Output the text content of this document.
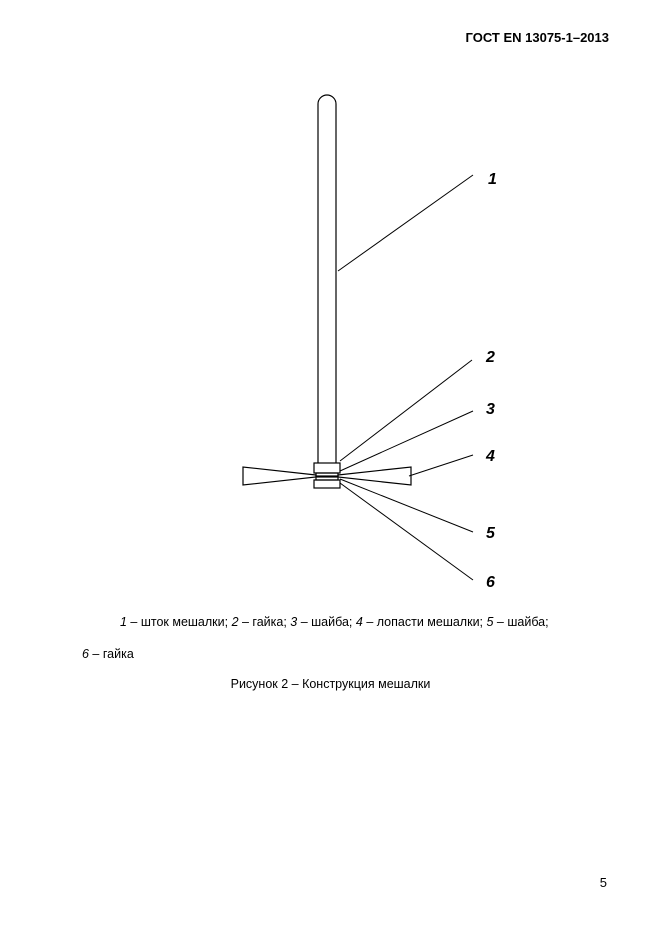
ГОСТ EN 13075-1–2013
1
2
3
4
5
6
1 – шток мешалки; 2 – гайка; 3 – шайба; 4 – лопасти мешалки; 5 – шайба;
6 – гайка
Рисунок 2 – Конструкция мешалки
5
